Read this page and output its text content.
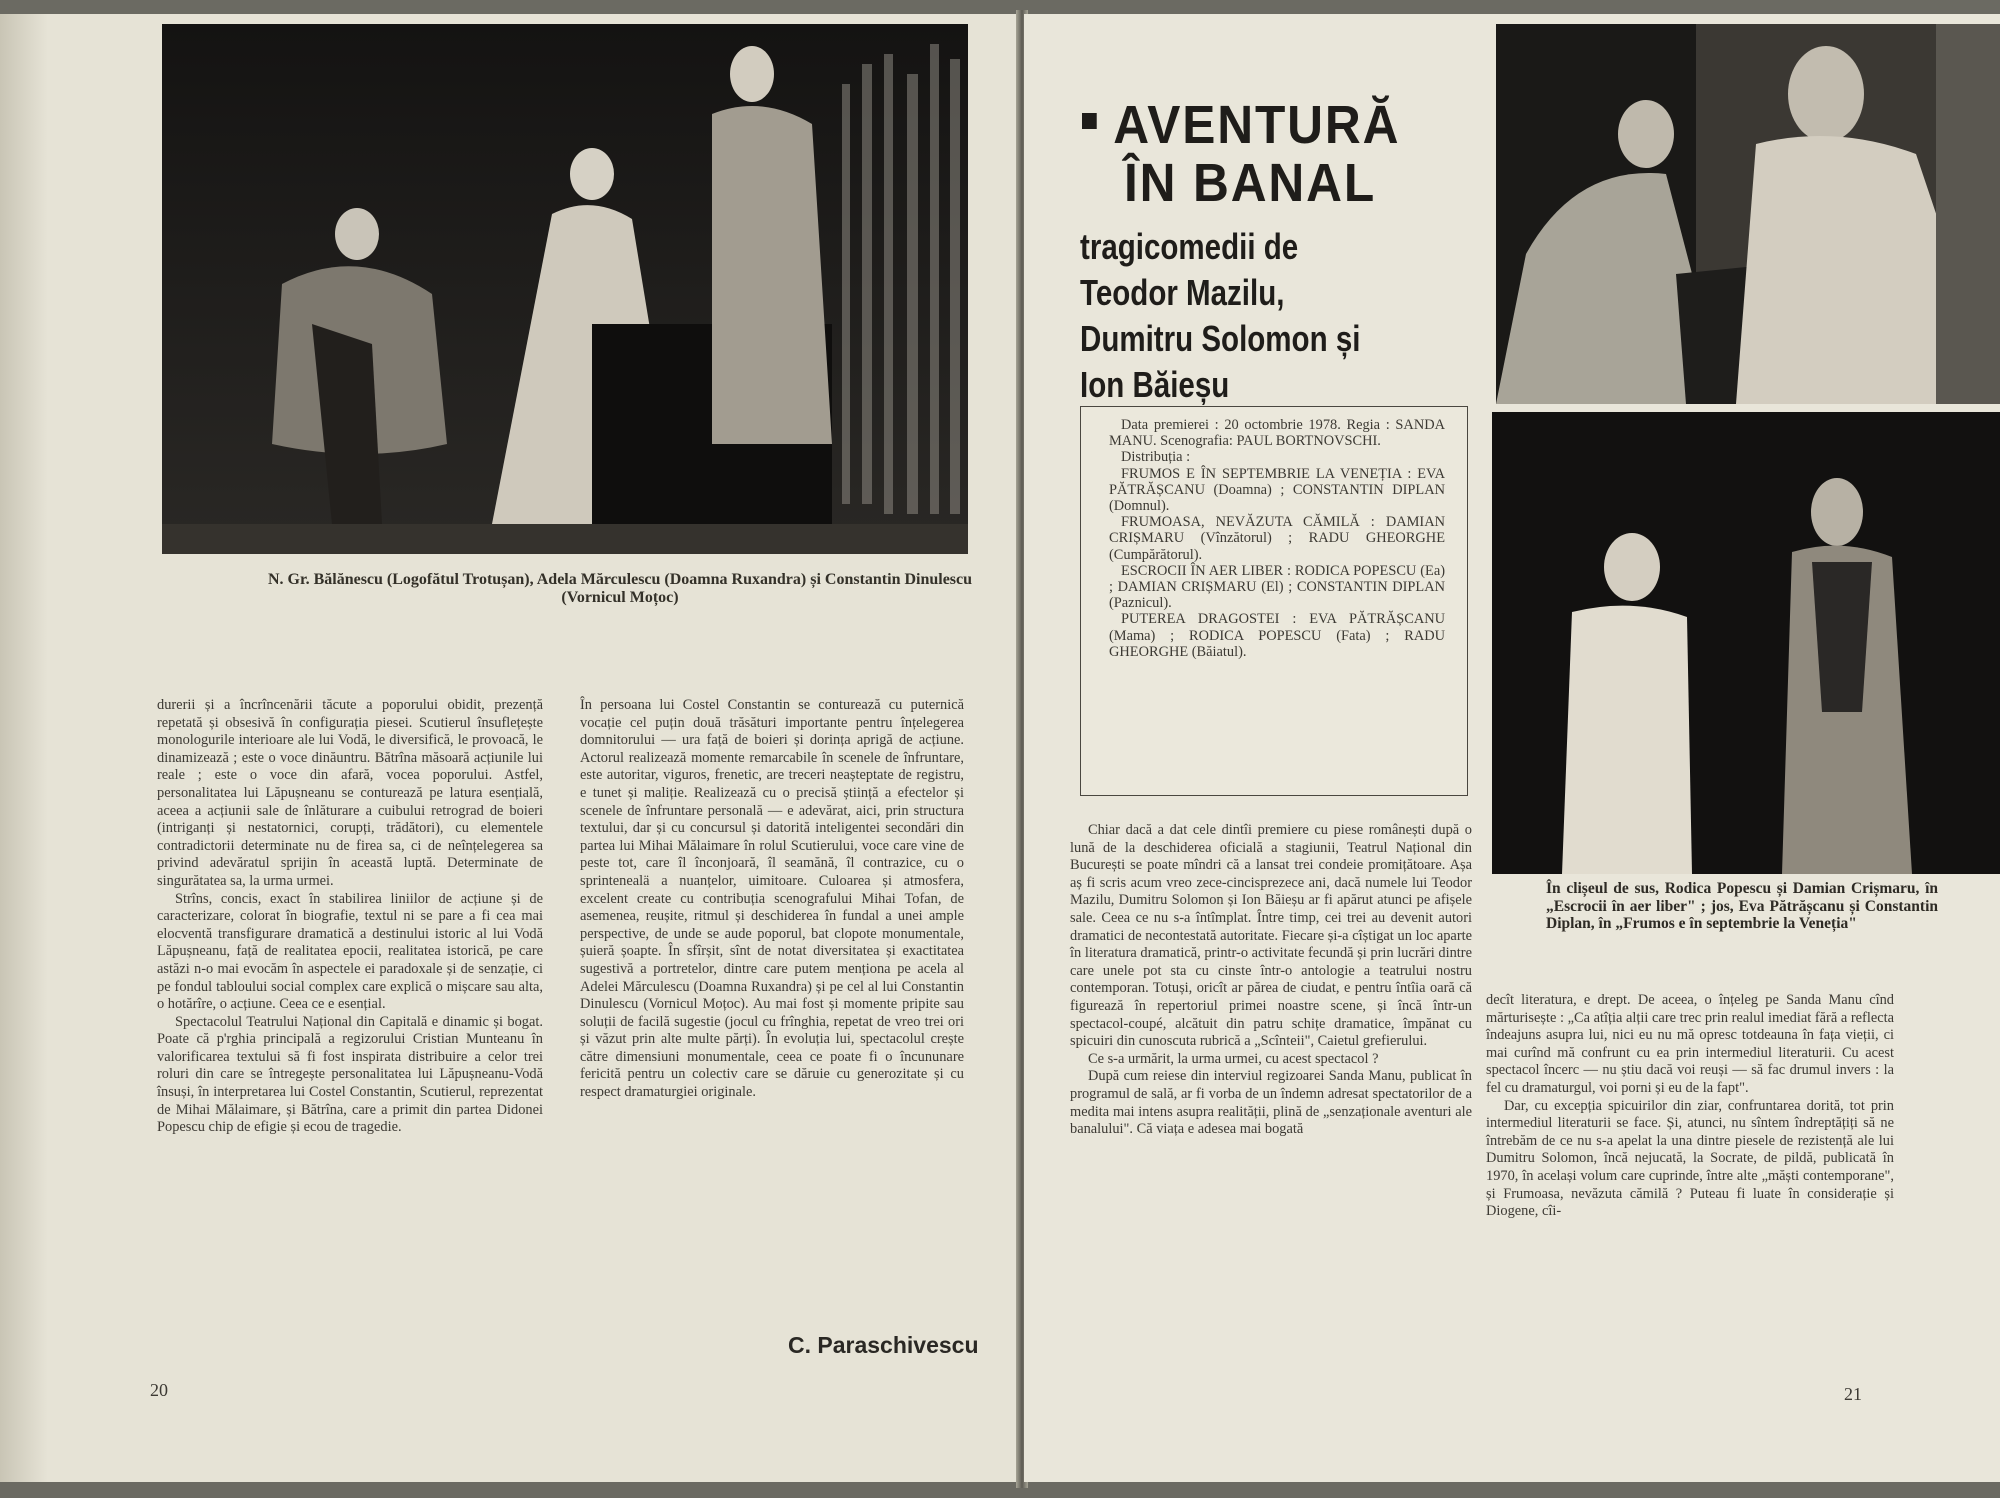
N. Gr. Bălănescu (Logofătul Trotușan), Adela Mărculescu (Doamna Ruxandra) și Constantin Dinulescu (Vornicul Moțoc)

durerii și a încrîncenării tăcute a poporului obidit, prezență repetată și obsesivă în configurația piesei. Scutierul însuflețește monologurile interioare ale lui Vodă, le diversifică, le provoacă, le dinamizează ; este o voce dinăuntru. Bătrîna măsoară acțiunile lui reale ; este o voce din afară, vocea poporului. Astfel, personalitatea lui Lăpușneanu se conturează pe latura esențială, aceea a acțiunii sale de înlăturare a cuibului retrograd de boieri (intriganți și nestatornici, corupți, trădători), cu elementele contradictorii determinate nu de firea sa, ci de neînțelegerea sa privind adevăratul sprijin în această luptă. Determinate de singurătatea sa, la urma urmei.

Strîns, concis, exact în stabilirea liniilor de acțiune și de caracterizare, colorat în biografie, textul ni se pare a fi cea mai elocventă transfigurare dramatică a destinului istoric al lui Vodă Lăpușneanu, față de realitatea epocii, realitatea istorică, pe care astăzi n-o mai evocăm în aspectele ei paradoxale și de senzație, ci pe fondul tabloului social complex care explică o mișcare sau alta, o hotărîre, o acțiune. Ceea ce e esențial.

Spectacolul Teatrului Național din Capitală e dinamic și bogat. Poate că p'rghia principală a regizorului Cristian Munteanu în valorificarea textului să fi fost inspirata distribuire a celor trei roluri din care se întregește personalitatea lui Lăpușneanu-Vodă însuși, în interpretarea lui Costel Constantin, Scutierul, reprezentat de Mihai Mălaimare, și Bătrîna, care a primit din partea Didonei Popescu chip de efigie și ecou de tragedie.

În persoana lui Costel Constantin se conturează cu puternică vocație cel puțin două trăsături importante pentru înțelegerea domnitorului — ura față de boieri și dorința aprigă de acțiune. Actorul realizează momente remarcabile în scenele de înfruntare, este autoritar, viguros, frenetic, are treceri neașteptate de registru, e tunet și maliție. Realizează cu o precisă știință a efectelor și scenele de înfruntare personală — e adevărat, aici, prin structura textului, dar și cu concursul și datorită inteligentei secondări din partea lui Mihai Mălaimare în rolul Scutierului, voce care vine de peste tot, care îl înconjoară, îl seamănă, îl contrazice, cu o sprintenealä a nuanțelor, uimitoare. Culoarea și atmosfera, excelent create cu contribuția scenografului Mihai Tofan, de asemenea, reușite, ritmul și deschiderea în fundal a unei ample perspective, de unde se aude poporul, bat clopote monumentale, șuieră șoapte. În sfîrșit, sînt de notat diversitatea și exactitatea sugestivă a portretelor, dintre care putem menționa pe acela al Adelei Mărculescu (Doamna Ruxandra) și pe cel al lui Constantin Dinulescu (Vornicul Moțoc). Au mai fost și momente pripite sau soluții de facilă sugestie (jocul cu frînghia, repetat de vreo trei ori și văzut prin alte multe părți). În evoluția lui, spectacolul crește către dimensiuni monumentale, ceea ce poate fi o încununare fericită pentru un colectiv care se dăruie cu generozitate și cu respect dramaturgiei originale.

C. Paraschivescu
20
AVENTURĂ
ÎN BANAL
tragicomedii de
Teodor Mazilu,
Dumitru Solomon și
Ion Băieșu

Data premierei : 20 octombrie 1978. Regia : SANDA MANU. Scenografia: PAUL BORTNOVSCHI.

Distribuția :

FRUMOS E ÎN SEPTEMBRIE LA VENEȚIA : EVA PĂTRĂȘCANU (Doamna) ; CONSTANTIN DIPLAN (Domnul).

FRUMOASA, NEVĂZUTA CĂMILĂ : DAMIAN CRIȘMARU (Vînzătorul) ; RADU GHEORGHE (Cumpărătorul).

ESCROCII ÎN AER LIBER : RODICA POPESCU (Ea) ; DAMIAN CRIȘMARU (El) ; CONSTANTIN DIPLAN (Paznicul).

PUTEREA DRAGOSTEI : EVA PĂTRĂȘCANU (Mama) ; RODICA POPESCU (Fata) ; RADU GHEORGHE (Băiatul).

În clișeul de sus, Rodica Popescu și Damian Crișmaru, în „Escrocii în aer liber" ; jos, Eva Pătrășcanu și Constantin Diplan, în „Frumos e în septembrie la Veneția"

Chiar dacă a dat cele dintîi premiere cu piese românești după o lună de la deschiderea oficială a stagiunii, Teatrul Național din București se poate mîndri că a lansat trei condeie promițătoare. Așa aș fi scris acum vreo zece-cincisprezece ani, dacă numele lui Teodor Mazilu, Dumitru Solomon și Ion Băieșu ar fi apărut atunci pe afișele sale. Ceea ce nu s-a întîmplat. Între timp, cei trei au devenit autori dramatici de necontestată autoritate. Fiecare și-a cîștigat un loc aparte în literatura dramatică, printr-o activitate fecundă și prin lucrări dintre care unele pot sta cu cinste într-o antologie a teatrului nostru contemporan. Totuși, oricît ar părea de ciudat, e pentru întîia oară că figurează în repertoriul primei noastre scene, și încă într-un spectacol-coupé, alcătuit din patru schițe dramatice, împănat cu spicuiri din cunoscuta rubrică a „Scînteii", Caietul grefierului.

Ce s-a urmărit, la urma urmei, cu acest spectacol ?

După cum reiese din interviul regizoarei Sanda Manu, publicat în programul de sală, ar fi vorba de un îndemn adresat spectatorilor de a medita mai intens asupra realității, plină de „senzaționale aventuri ale banalului". Că viața e adesea mai bogată

decît literatura, e drept. De aceea, o înțeleg pe Sanda Manu cînd mărturisește : „Ca atîția alții care trec prin realul imediat fără a reflecta îndeajuns asupra lui, nici eu nu mă opresc totdeauna în fața vieții, ci mai curînd mă confrunt cu ea prin intermediul literaturii. Cu acest spectacol încerc — nu știu dacă voi reuși — să fac drumul invers : la fel cu dramaturgul, voi porni și eu de la fapt".

Dar, cu excepția spicuirilor din ziar, confruntarea dorită, tot prin intermediul literaturii se face. Și, atunci, nu sîntem îndreptățiți să ne întrebăm de ce nu s-a apelat la una dintre piesele de rezistență ale lui Dumitru Solomon, încă nejucată, la Socrate, de pildă, publicată în 1970, în același volum care cuprinde, între alte „măști contemporane", și Frumoasa, nevăzuta cămilă ? Puteau fi luate în considerație și Diogene, cîi-

21
